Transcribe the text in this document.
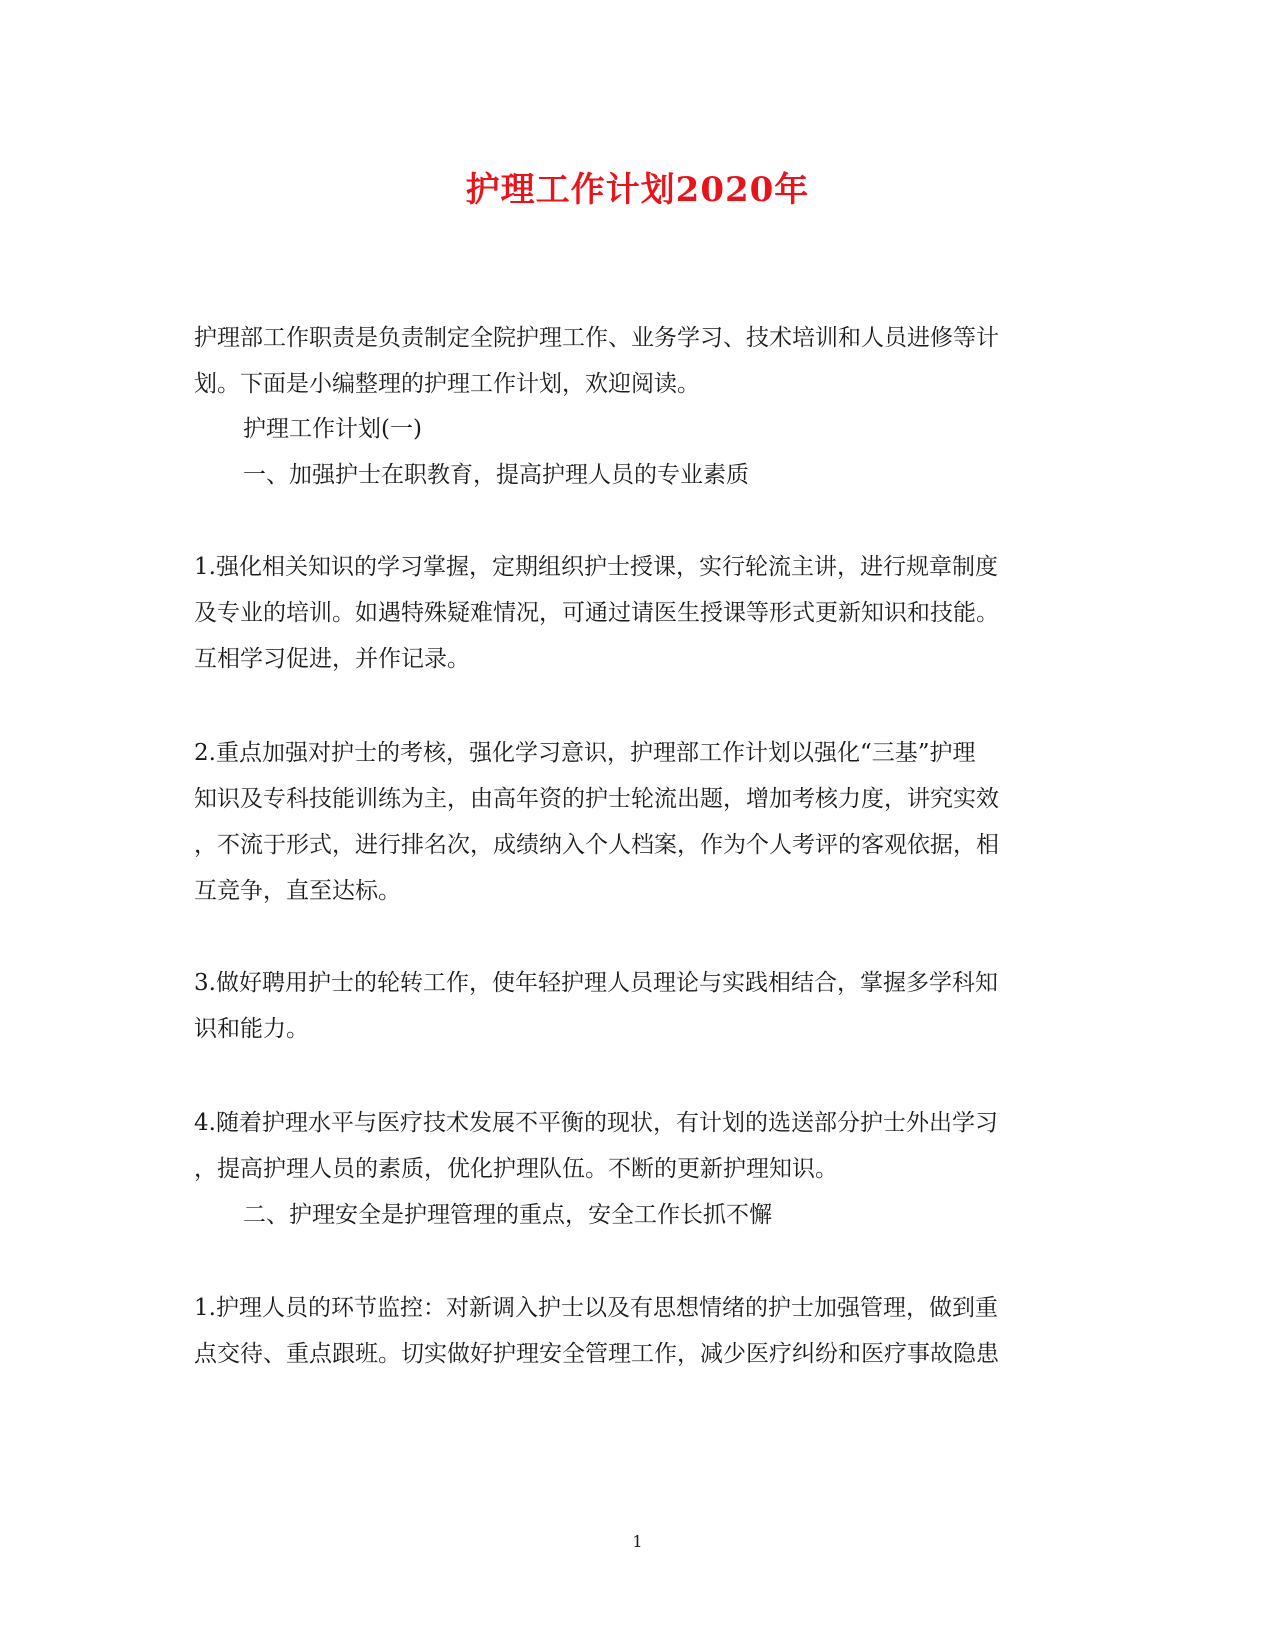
护理工作计划2020年
护理部工作职责是负责制定全院护理工作、业务学习、技术培训和人员进修等计
划。下面是小编整理的护理工作计划，欢迎阅读。
护理工作计划(一)
一、加强护士在职教育，提高护理人员的专业素质
1.强化相关知识的学习掌握，定期组织护士授课，实行轮流主讲，进行规章制度
及专业的培训。如遇特殊疑难情况，可通过请医生授课等形式更新知识和技能。
互相学习促进，并作记录。
2.重点加强对护士的考核，强化学习意识，护理部工作计划以强化“三基”护理
知识及专科技能训练为主，由高年资的护士轮流出题，增加考核力度，讲究实效
，不流于形式，进行排名次，成绩纳入个人档案，作为个人考评的客观依据，相
互竞争，直至达标。
3.做好聘用护士的轮转工作，使年轻护理人员理论与实践相结合，掌握多学科知
识和能力。
4.随着护理水平与医疗技术发展不平衡的现状，有计划的选送部分护士外出学习
，提高护理人员的素质，优化护理队伍。不断的更新护理知识。
二、护理安全是护理管理的重点，安全工作长抓不懈
1.护理人员的环节监控：对新调入护士以及有思想情绪的护士加强管理，做到重
点交待、重点跟班。切实做好护理安全管理工作，减少医疗纠纷和医疗事故隐患
1
